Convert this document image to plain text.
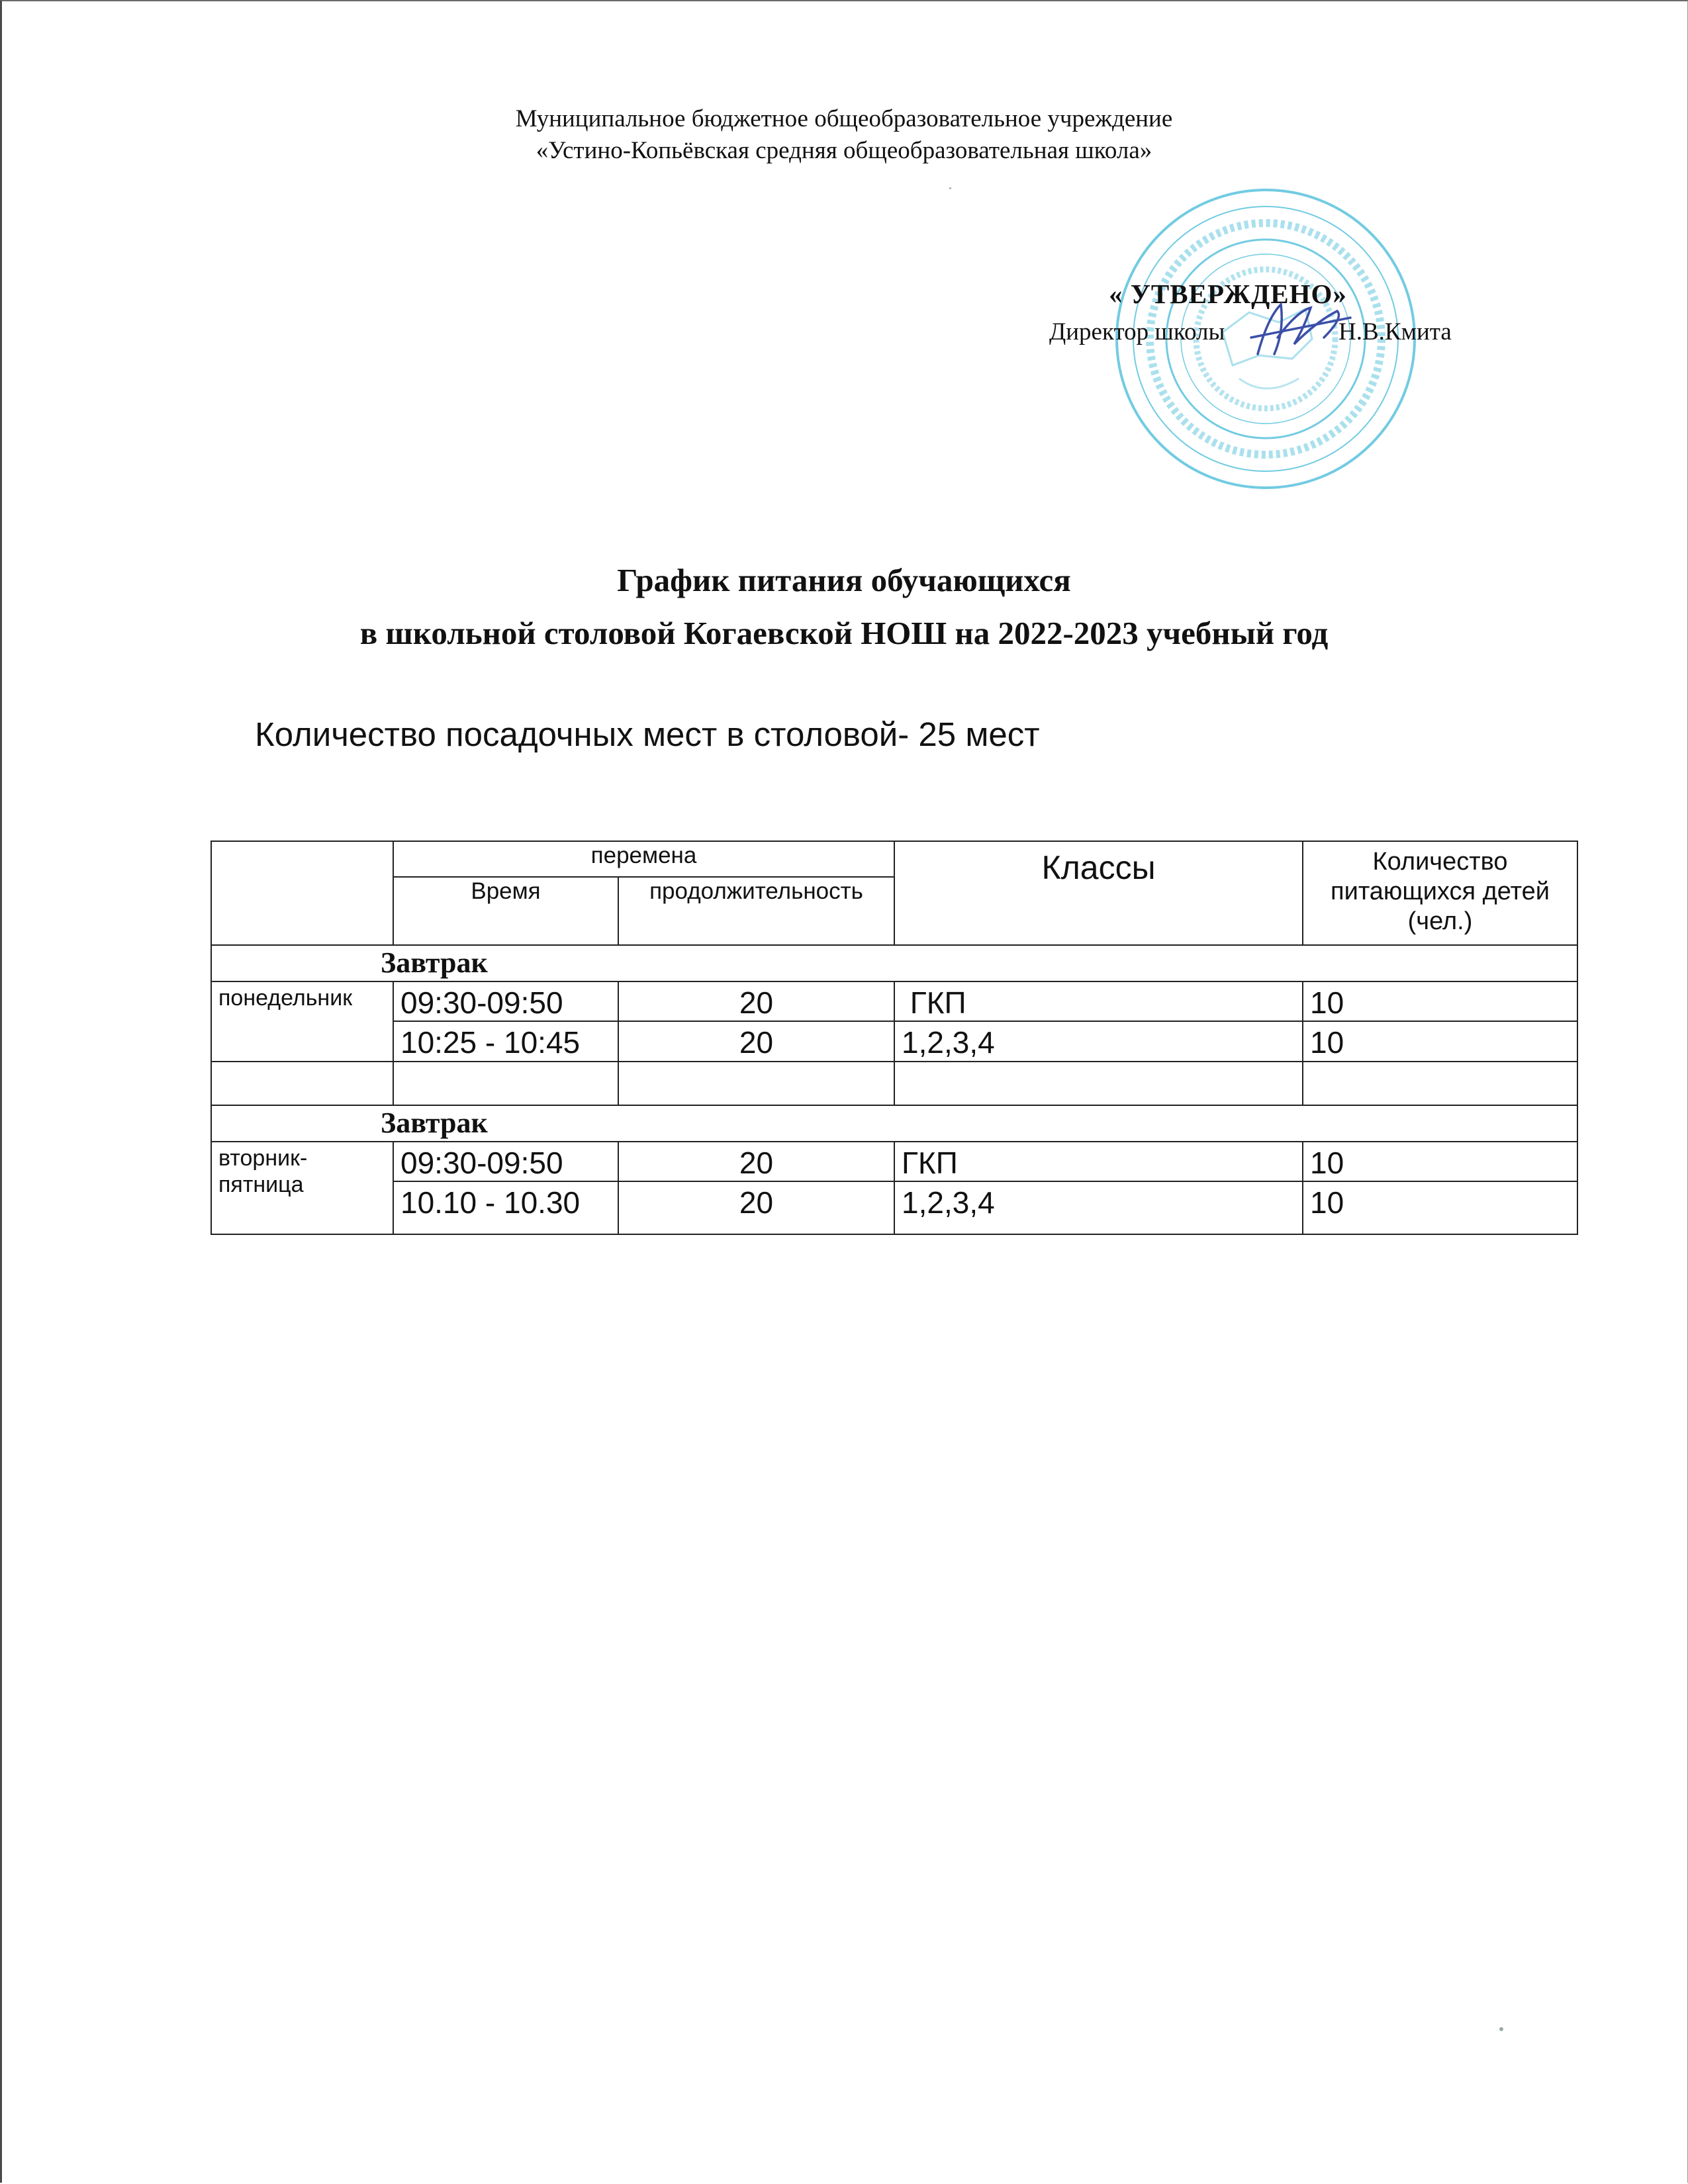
Муниципальное бюджетное общеобразовательное учреждение
«Устино-Копьёвская средняя общеобразовательная школа»
« УТВЕРЖДЕНО»
Директор школы	Н.В.Кмита
График питания обучающихся
в школьной столовой Когаевской НОШ на 2022-2023 учебный год
Количество посадочных мест в столовой- 25 мест
	перемена		Классы	Количество питающихся детей (чел.)
	Время	продолжительность		
Завтрак				
понедельник	09:30-09:50	20	ГКП	10
	10:25 - 10:45	20	1,2,3,4	10

Завтрак				
вторник-пятница	09:30-09:50	20	ГКП	10
	10.10 - 10.30	20	1,2,3,4	10
